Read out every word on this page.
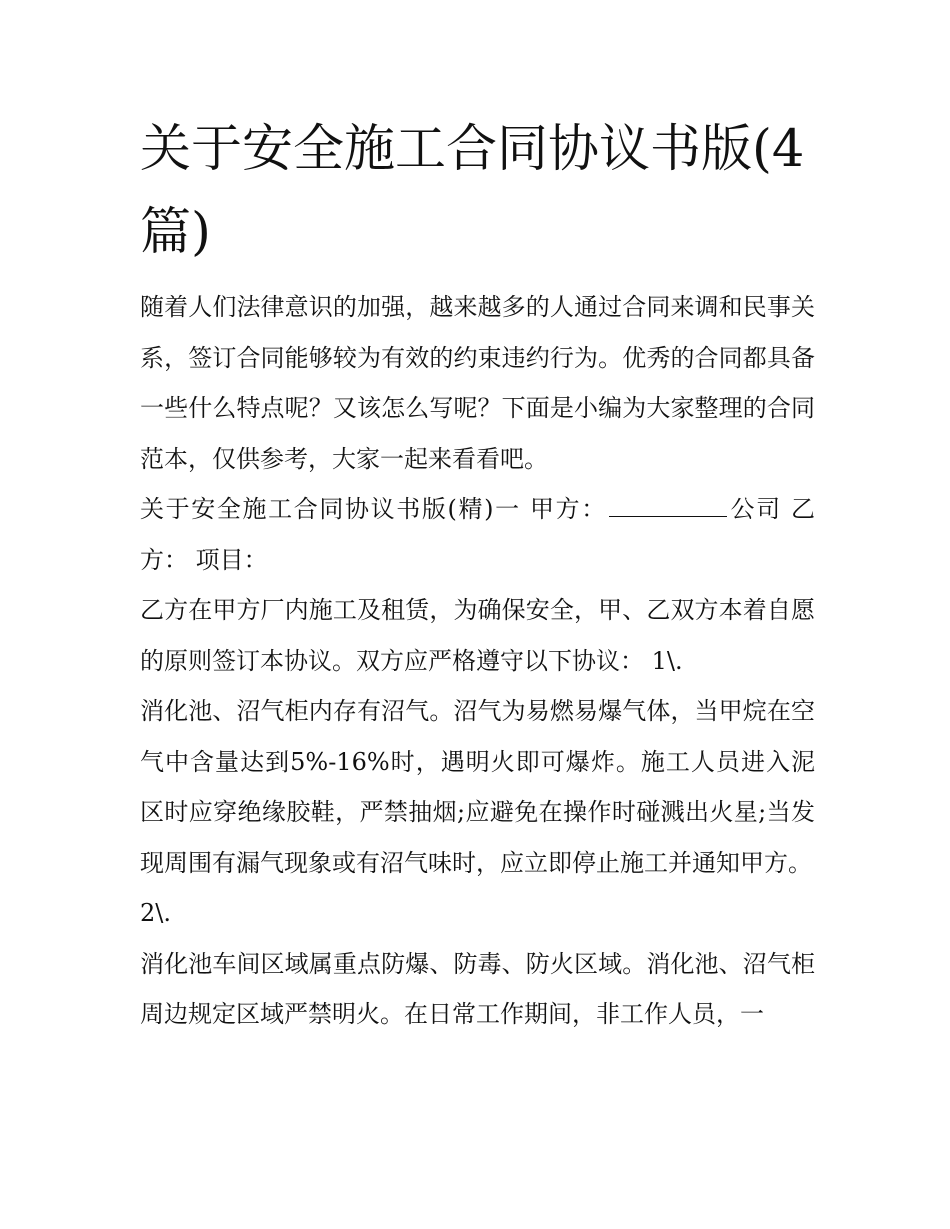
关于安全施工合同协议书版(4篇)

随着人们法律意识的加强，越来越多的人通过合同来调和民事关系，签订合同能够较为有效的约束违约行为。优秀的合同都具备一些什么特点呢？又该怎么写呢？下面是小编为大家整理的合同范本，仅供参考，大家一起来看看吧。

关于安全施工合同协议书版(精)一 甲方：	公司 乙方： 项目：

乙方在甲方厂内施工及租赁，为确保安全，甲、乙双方本着自愿的原则签订本协议。双方应严格遵守以下协议： 1\.

消化池、沼气柜内存有沼气。沼气为易燃易爆气体，当甲烷在空气中含量达到5%-16%时，遇明火即可爆炸。施工人员进入泥区时应穿绝缘胶鞋，严禁抽烟;应避免在操作时碰溅出火星;当发现周围有漏气现象或有沼气味时，应立即停止施工并通知甲方。

2\.

消化池车间区域属重点防爆、防毒、防火区域。消化池、沼气柜周边规定区域严禁明火。在日常工作期间，非工作人员，一
